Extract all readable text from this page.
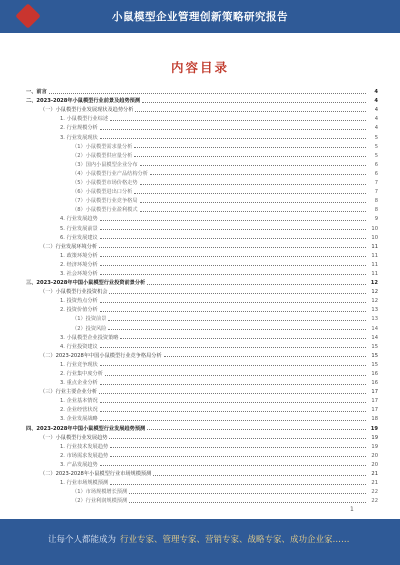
小鼠模型企业管理创新策略研究报告
内容目录
一、前言	4
二、2023-2028年小鼠模型行业前景及趋势预测	4
（一）小鼠模型行业发展现状及趋势分析	4
1. 小鼠模型行业综述	4
2. 行业规模分析	4
3. 行业发展现状	5
（1）小鼠模型需求量分析	5
（2）小鼠模型供应量分析	5
（3）国内小鼠模型企业分布	6
（4）小鼠模型行业产品结构分析	6
（5）小鼠模型市场价格走势	7
（6）小鼠模型进出口分析	7
（7）小鼠模型行业竞争格局	8
（8）小鼠模型行业盈利模式	8
4. 行业发展趋势	9
5. 行业发展前景	10
6. 行业发展建议	10
（二）行业发展环境分析	11
1. 政策环境分析	11
2. 经济环境分析	11
3. 社会环境分析	11
三、2023-2028年中国小鼠模型行业投资前景分析	12
（一）小鼠模型行业投资机会	12
1. 投资热点分析	12
2. 投资价值分析	13
（1）投资前景	13
（2）投资风险	14
3. 小鼠模型企业投资策略	14
4. 行业投资建议	15
（二）2023-2028年中国小鼠模型行业竞争格局分析	15
1. 行业竞争现状	15
2. 行业集中度分析	16
3. 重点企业分析	16
（三）行业主要企业分析	17
1. 企业基本情况	17
2. 企业经营状况	17
3. 企业发展战略	18
四、2023-2028年中国小鼠模型行业发展趋势预测	19
（一）小鼠模型行业发展趋势	19
1. 行业技术发展趋势	19
2. 市场需求发展趋势	20
3. 产品发展趋势	20
（二）2023-2028年小鼠模型行业市场规模预测	21
1. 行业市场规模预测	21
（1）市场规模增长预测	22
（2）行业利润规模预测	22
1
让每个人都能成为 行业专家、管理专家、营销专家、战略专家、成功企业家……
